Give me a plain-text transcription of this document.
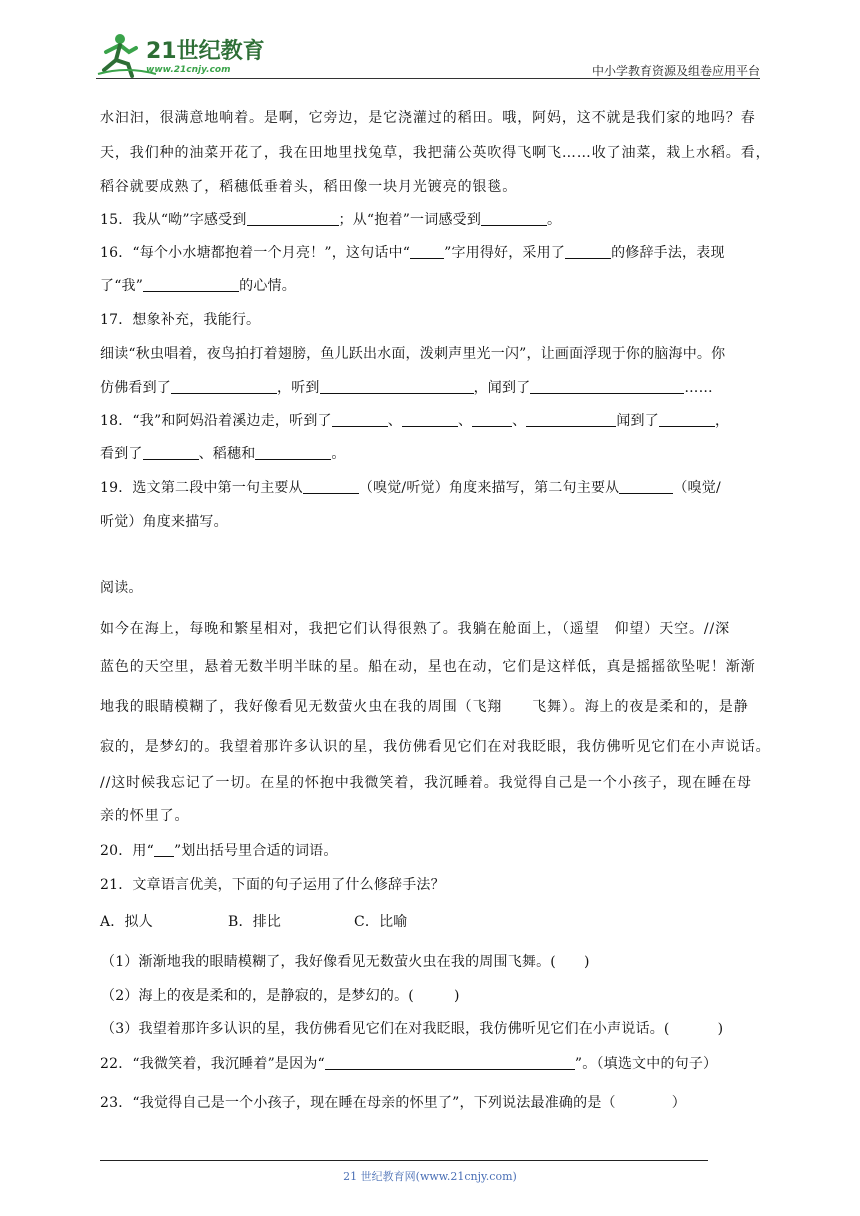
21世纪教育
www.21cnjy.com	中小学教育资源及组卷应用平台
水汩汩，很满意地响着。是啊，它旁边，是它浇灌过的稻田。哦，阿妈，这不就是我们家的地吗？春
天，我们种的油菜开花了，我在田地里找兔草，我把蒲公英吹得飞啊飞……收了油菜，栽上水稻。看，
稻谷就要成熟了，稻穗低垂着头，稻田像一块月光镀亮的银毯。
15．我从“呦”字感受到	；从“抱着”一词感受到	。
16．“每个小水塘都抱着一个月亮！”，这句话中“ ”字用得好，采用了	的修辞手法，表现
了“我”	的心情。
17．想象补充，我能行。
细读“秋虫唱着，夜鸟拍打着翅膀，鱼儿跃出水面，泼刺声里光一闪”，让画面浮现于你的脑海中。你
仿佛看到了	，听到	，闻到了	……
18．“我”和阿妈沿着溪边走，听到了	、	、	、	闻到了	，
看到了	、稻穗和	。
19．选文第二段中第一句主要从	（嗅觉/听觉）角度来描写，第二句主要从	（嗅觉/
听觉）角度来描写。
阅读。
如今在海上，每晚和繁星相对，我把它们认得很熟了。我躺在舱面上，（遥望　仰望）天空。//深
蓝色的天空里，悬着无数半明半昧的星。船在动，星也在动，它们是这样低，真是摇摇欲坠呢！渐渐
地我的眼睛模糊了，我好像看见无数萤火虫在我的周围（飞翔　　飞舞）。海上的夜是柔和的，是静
寂的，是梦幻的。我望着那许多认识的星，我仿佛看见它们在对我眨眼，我仿佛听见它们在小声说话。
//这时候我忘记了一切。在星的怀抱中我微笑着，我沉睡着。我觉得自己是一个小孩子，现在睡在母
亲的怀里了。
20．用“ ”划出括号里合适的词语。
21．文章语言优美，下面的句子运用了什么修辞手法？
A．拟人	B．排比	C．比喻
（1）渐渐地我的眼睛模糊了，我好像看见无数萤火虫在我的周围飞舞。( )
（2）海上的夜是柔和的，是静寂的，是梦幻的。(	)
（3）我望着那许多认识的星，我仿佛看见它们在对我眨眼，我仿佛听见它们在小声说话。(	)
22．“我微笑着，我沉睡着”是因为“	”。（填选文中的句子）
23．“我觉得自己是一个小孩子，现在睡在母亲的怀里了”，下列说法最准确的是（	）
21 世纪教育网(www.21cnjy.com)
